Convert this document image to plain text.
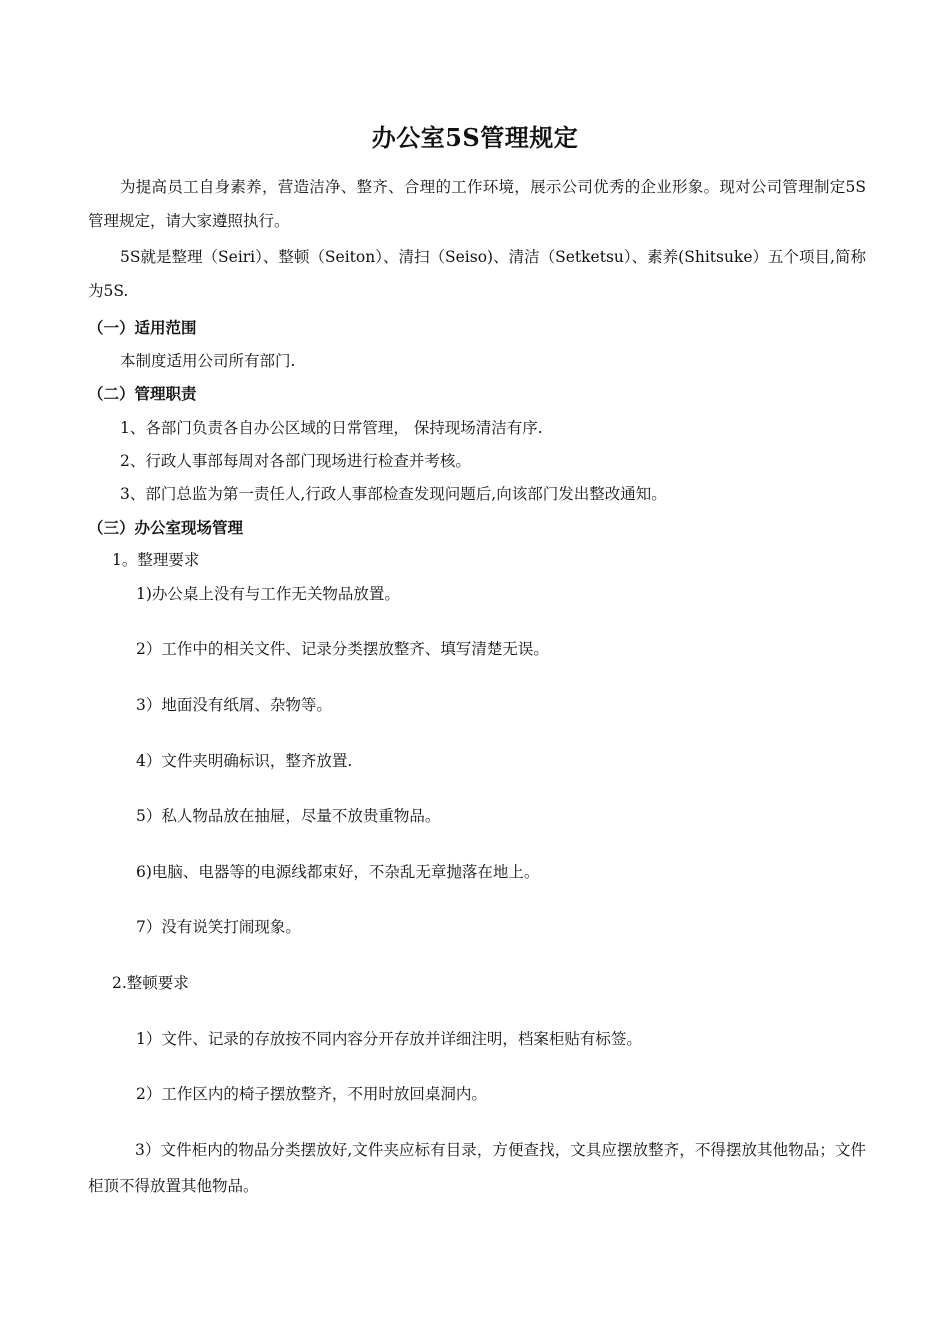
办公室5S管理规定
为提高员工自身素养，营造洁净、整齐、合理的工作环境，展示公司优秀的企业形象。现对公司管理制定5S管理规定，请大家遵照执行。
5S就是整理（Seiri）、整顿（Seiton）、清扫（Seiso)、清洁（Setketsu）、素养(Shitsuke）五个项目,简称为5S.
（一）适用范围
本制度适用公司所有部门.
（二）管理职责
1、各部门负责各自办公区域的日常管理， 保持现场清洁有序.
2、行政人事部每周对各部门现场进行检查并考核。
3、部门总监为第一责任人,行政人事部检查发现问题后,向该部门发出整改通知。
（三）办公室现场管理
1。整理要求
1)办公桌上没有与工作无关物品放置。
2）工作中的相关文件、记录分类摆放整齐、填写清楚无误。
3）地面没有纸屑、杂物等。
4）文件夹明确标识，整齐放置.
5）私人物品放在抽屉，尽量不放贵重物品。
6)电脑、电器等的电源线都束好，不杂乱无章抛落在地上。
7）没有说笑打闹现象。
2.整顿要求
1）文件、记录的存放按不同内容分开存放并详细注明，档案柜贴有标签。
2）工作区内的椅子摆放整齐，不用时放回桌洞内。
3）文件柜内的物品分类摆放好,文件夹应标有目录，方便查找，文具应摆放整齐，不得摆放其他物品；文件柜顶不得放置其他物品。
